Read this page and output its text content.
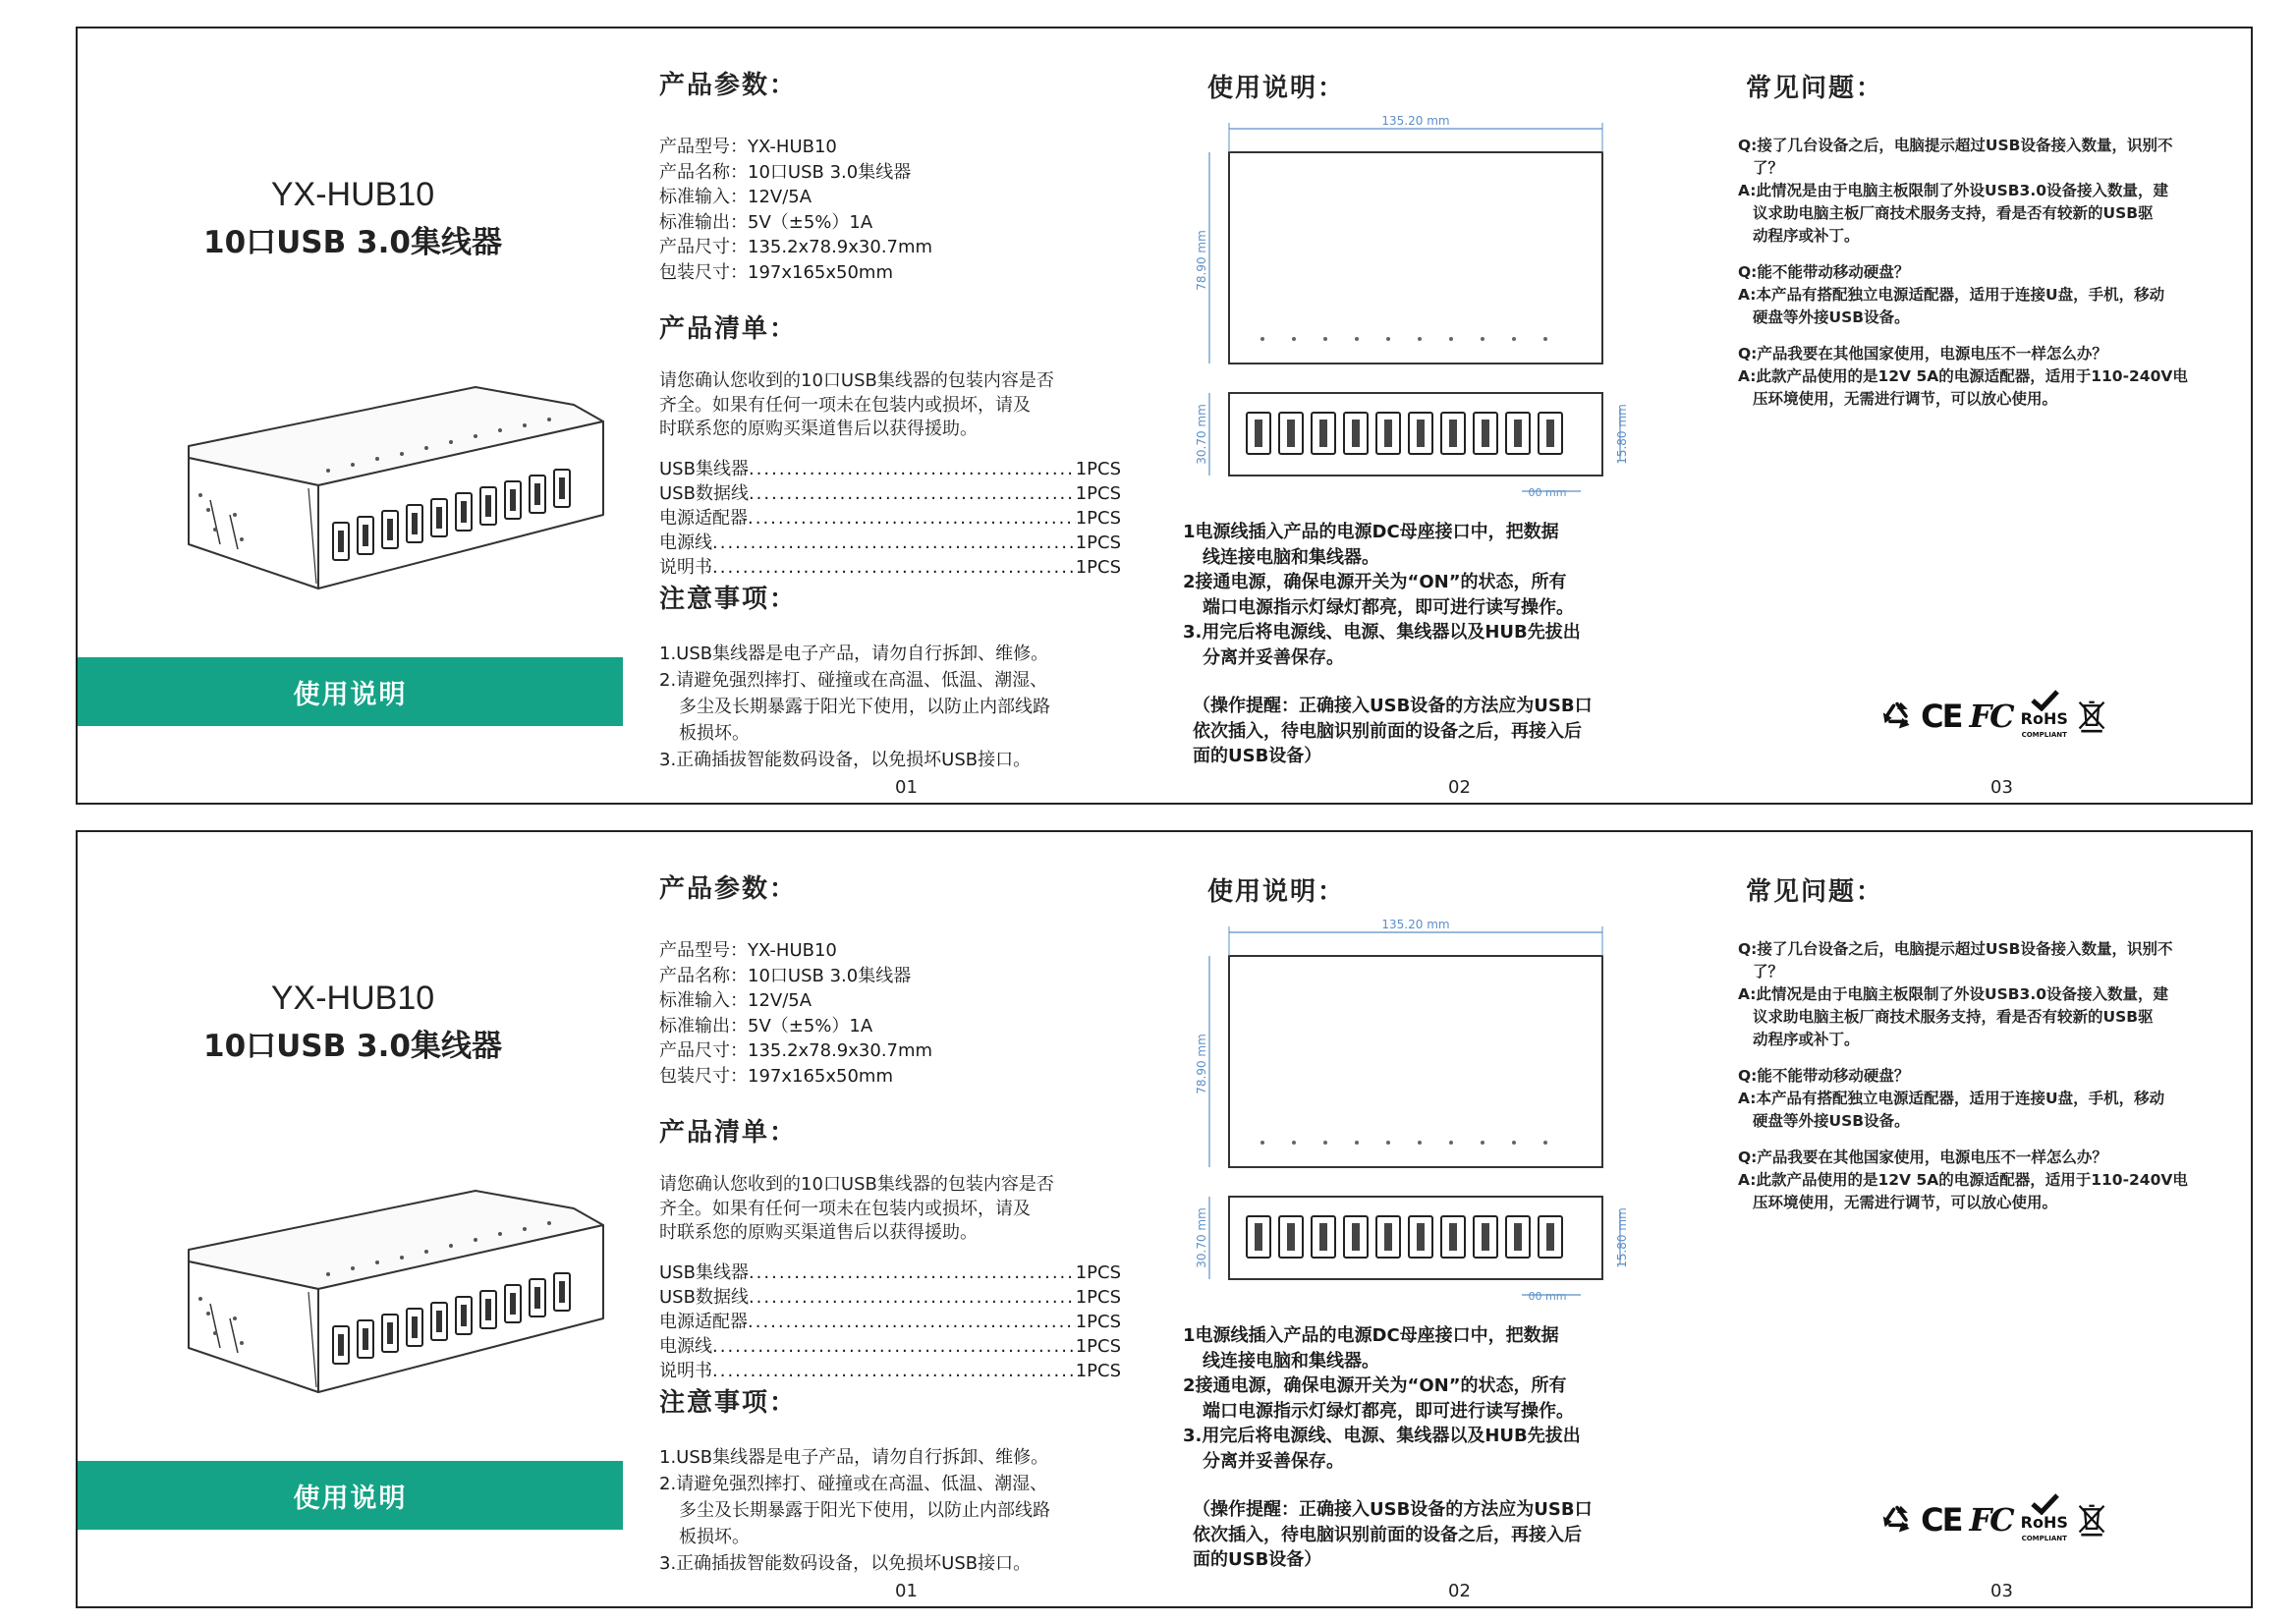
YX-HUB10
10口USB 3.0集线器
使用说明
产品参数：
产品型号：YX-HUB10
产品名称：10口USB 3.0集线器
标准输入：12V/5A
标准输出：5V（±5%）1A
产品尺寸：135.2x78.9x30.7mm
包装尺寸：197x165x50mm
产品清单：
请您确认您收到的10口USB集线器的包装内容是否
齐全。如果有任何一项未在包装内或损坏，请及
时联系您的原购买渠道售后以获得援助。
USB集线器 .....	1PCS
USB数据线 .....	1PCS
电源适配器 .....	1PCS
电源线 .....	1PCS
说明书 .....	1PCS
注意事项：
1.USB集线器是电子产品，请勿自行拆卸、维修。
2.请避免强烈摔打、碰撞或在高温、低温、潮湿、
多尘及长期暴露于阳光下使用，以防止内部线路
板损坏。
3.正确插拔智能数码设备，以免损坏USB接口。
01
使用说明：
135.20 mm
78.90 mm
30.70 mm	15.80 mm
00 mm
1电源线插入产品的电源DC母座接口中，把数据
线连接电脑和集线器。
2接通电源，确保电源开关为“ON”的状态，所有
端口电源指示灯绿灯都亮，即可进行读写操作。
3.用完后将电源线、电源、集线器以及HUB先拔出
分离并妥善保存。
（操作提醒：正确接入USB设备的方法应为USB口
依次插入，待电脑识别前面的设备之后，再接入后
面的USB设备）
02
常见问题：
Q:接了几台设备之后，电脑提示超过USB设备接入数量，识别不
了？
A:此情况是由于电脑主板限制了外设USB3.0设备接入数量，建
议求助电脑主板厂商技术服务支持，看是否有较新的USB驱
动程序或补丁。
Q:能不能带动移动硬盘？
A:本产品有搭配独立电源适配器，适用于连接U盘，手机，移动
硬盘等外接USB设备。
Q:产品我要在其他国家使用，电源电压不一样怎么办？
A:此款产品使用的是12V 5A的电源适配器，适用于110-240V电
压环境使用，无需进行调节，可以放心使用。
CE FC RoHS
COMPLIANT
03
YX-HUB10
10口USB 3.0集线器
使用说明
产品参数：
产品型号：YX-HUB10
产品名称：10口USB 3.0集线器
标准输入：12V/5A
标准输出：5V（±5%）1A
产品尺寸：135.2x78.9x30.7mm
包装尺寸：197x165x50mm
产品清单：
请您确认您收到的10口USB集线器的包装内容是否
齐全。如果有任何一项未在包装内或损坏，请及
时联系您的原购买渠道售后以获得援助。
USB集线器 .....	1PCS
USB数据线 .....	1PCS
电源适配器 .....	1PCS
电源线 .....	1PCS
说明书 .....	1PCS
注意事项：
1.USB集线器是电子产品，请勿自行拆卸、维修。
2.请避免强烈摔打、碰撞或在高温、低温、潮湿、
多尘及长期暴露于阳光下使用，以防止内部线路
板损坏。
3.正确插拔智能数码设备，以免损坏USB接口。
01
使用说明：
135.20 mm
78.90 mm
30.70 mm	15.80 mm
00 mm
1电源线插入产品的电源DC母座接口中，把数据
线连接电脑和集线器。
2接通电源，确保电源开关为“ON”的状态，所有
端口电源指示灯绿灯都亮，即可进行读写操作。
3.用完后将电源线、电源、集线器以及HUB先拔出
分离并妥善保存。
（操作提醒：正确接入USB设备的方法应为USB口
依次插入，待电脑识别前面的设备之后，再接入后
面的USB设备）
02
常见问题：
Q:接了几台设备之后，电脑提示超过USB设备接入数量，识别不
了？
A:此情况是由于电脑主板限制了外设USB3.0设备接入数量，建
议求助电脑主板厂商技术服务支持，看是否有较新的USB驱
动程序或补丁。
Q:能不能带动移动硬盘？
A:本产品有搭配独立电源适配器，适用于连接U盘，手机，移动
硬盘等外接USB设备。
Q:产品我要在其他国家使用，电源电压不一样怎么办？
A:此款产品使用的是12V 5A的电源适配器，适用于110-240V电
压环境使用，无需进行调节，可以放心使用。
CE FC RoHS
COMPLIANT
03
